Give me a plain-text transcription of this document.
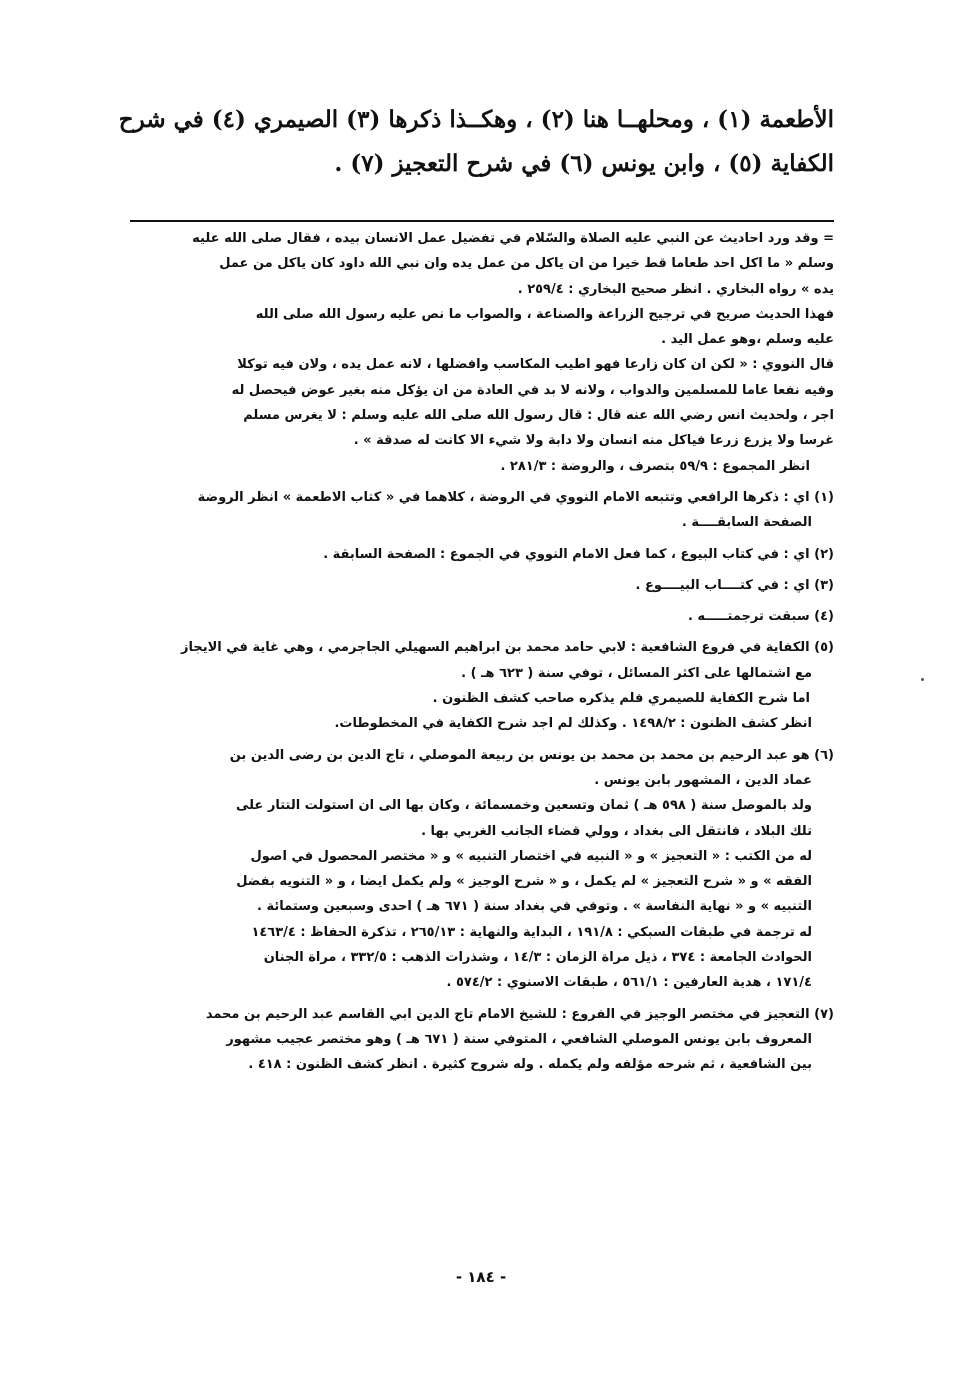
الأطعمة (١) ، ومحلهــا هنا (٢) ، وهكــذا ذكرها (٣) الصيمري (٤) في شرح
الكفاية (٥) ، وابن يونس (٦) في شرح التعجيز (٧) .
= وقد ورد احاديث عن النبي عليه الصلاة والسّلام في تفضيل عمل الانسان بيده ، فقال صلى الله عليه
وسلم « ما اكل احد طعاما قط خيرا من ان ياكل من عمل يده وان نبي الله داود كان ياكل من عمل
يده » رواه البخاري . انظر صحيح البخاري : ٢٥٩/٤ .
فهذا الحديث صريح في ترجيح الزراعة والصناعة ، والصواب ما نص عليه رسول الله صلى الله
عليه وسلم ،وهو عمل اليد .
قال النووي : « لكن ان كان زارعا فهو اطيب المكاسب وافضلها ، لانه عمل يده ، ولان فيه توكلا
وفيه نفعا عاما للمسلمين والدواب ، ولانه لا بد في العادة من ان يؤكل منه بغير عوض فيحصل له
اجر ، ولحديث انس رضي الله عنه قال : قال رسول الله صلى الله عليه وسلم : لا يغرس مسلم
غرسا ولا يزرع زرعا فياكل منه انسان ولا دابة ولا شيء الا كانت له صدقة » .
انظر المجموع : ٥٩/٩ بتصرف ، والروضة : ٢٨١/٣ .
(١) اي : ذكرها الرافعي وتتبعه الامام النووي في الروضة ، كلاهما في « كتاب الاطعمة » انظر الروضة
الصفحة السابقــــة .
(٢) اي : في كتاب البيوع ، كما فعل الامام النووي في الجموع : الصفحة السابقة .
(٣) اي : في كتــــاب البيــــوع .
(٤) سبقت ترجمتـــــه .
(٥) الكفاية في فروع الشافعية : لابي حامد محمد بن ابراهيم السهيلي الجاجرمي ، وهي غاية في الايجاز
مع اشتمالها على اكثر المسائل ، توفي سنة ( ٦٢٣ هـ ) .
اما شرح الكفاية للصيمري فلم يذكره صاحب كشف الظنون .
انظر كشف الظنون : ١٤٩٨/٢ . وكذلك لم اجد شرح الكفاية في المخطوطات.
(٦) هو عبد الرحيم بن محمد بن محمد بن يونس بن ربيعة الموصلي ، تاج الدين بن رضى الدين بن
عماد الدين ، المشهور بابن يونس .
ولد بالموصل سنة ( ٥٩٨ هـ ) ثمان وتسعين وخمسمائة ، وكان بها الى ان استولت التتار على
تلك البلاد ، فانتقل الى بغداد ، وولي قضاء الجانب الغربي بها .
له من الكتب : « التعجيز » و « النبيه في اختصار التنبيه » و « مختصر المحصول في اصول
الفقه » و « شرح التعجيز » لم يكمل ، و « شرح الوجيز » ولم يكمل ايضا ، و « التنويه بفضل
التنبيه » و « نهاية النفاسة » . وتوفي في بغداد سنة ( ٦٧١ هـ ) احدى وسبعين وستمائة .
له ترجمة في طبقات السبكي : ١٩١/٨ ، البداية والنهاية : ٢٦٥/١٣ ، تذكرة الحفاظ : ١٤٦٣/٤
الحوادث الجامعة : ٣٧٤ ، ذيل مراة الزمان : ١٤/٣ ، وشذرات الذهب : ٣٣٢/٥ ، مراة الجنان
١٧١/٤ ، هدية العارفين : ٥٦١/١ ، طبقات الاسنوي : ٥٧٤/٢ .
(٧) التعجيز في مختصر الوجيز في الفروع : للشيخ الامام تاج الدين ابي القاسم عبد الرحيم بن محمد
المعروف بابن يونس الموصلي الشافعي ، المتوفي سنة ( ٦٧١ هـ ) وهو مختصر عجيب مشهور
بين الشافعية ، ثم شرحه مؤلفه ولم يكمله . وله شروح كثيرة . انظر كشف الظنون : ٤١٨ .
- ١٨٤ -
